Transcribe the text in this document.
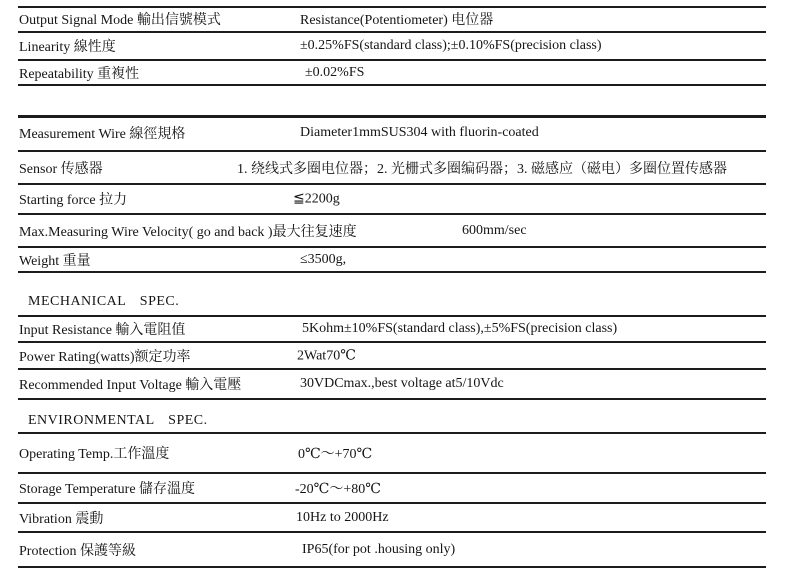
Output Signal Mode 輸出信號模式	Resistance(Potentiometer) 电位器
Linearity 線性度	±0.25%FS(standard class);±0.10%FS(precision class)
Repeatability 重複性	±0.02%FS
Measurement Wire 線徑規格	Diameter1mmSUS304 with fluorin-coated
Sensor 传感器	1. 绕线式多圈电位器；2. 光栅式多圈编码器；3. 磁感应（磁电）多圈位置传感器
Starting force 拉力	≦2200g
Max.Measuring Wire Velocity( go and back )最大往复速度	600mm/sec
Weight 重量	≤3500g,
MECHANICAL SPEC.
Input Resistance 輸入電阻值	5Kohm±10%FS(standard class),±5%FS(precision class)
Power Rating(watts)额定功率	2Wat70℃
Recommended Input Voltage 輸入電壓	30VDCmax.,best voltage at5/10Vdc
ENVIRONMENTAL SPEC.
Operating Temp.工作溫度	0℃～+70℃
Storage Temperature 儲存溫度	-20℃～+80℃
Vibration 震動	10Hz to 2000Hz
Protection 保護等級	IP65(for pot .housing only)
